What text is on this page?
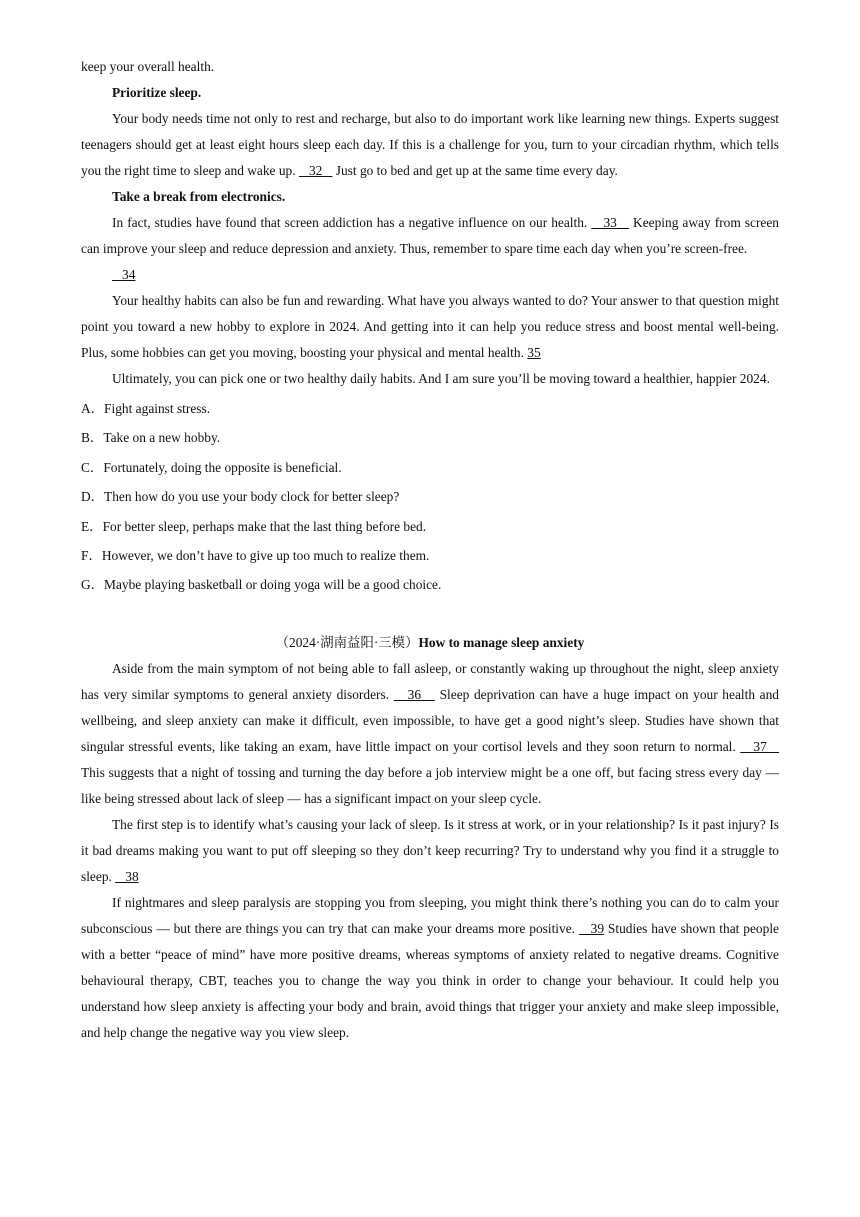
keep your overall health.

Prioritize sleep.

Your body needs time not only to rest and recharge, but also to do important work like learning new things. Experts suggest teenagers should get at least eight hours sleep each day. If this is a challenge for you, turn to your circadian rhythm, which tells you the right time to sleep and wake up.    32    Just go to bed and get up at the same time every day.

Take a break from electronics.

In fact, studies have found that screen addiction has a negative influence on our health.    33    Keeping away from screen can improve your sleep and reduce depression and anxiety. Thus, remember to spare time each day when you’re screen-free.

34

Your healthy habits can also be fun and rewarding. What have you always wanted to do? Your answer to that question might point you toward a new hobby to explore in 2024. And getting into it can help you reduce stress and boost mental well-being. Plus, some hobbies can get you moving, boosting your physical and mental health. 35

Ultimately, you can pick one or two healthy daily habits. And I am sure you’ll be moving toward a healthier, happier 2024.

A．Fight against stress.

B．Take on a new hobby.

C．Fortunately, doing the opposite is beneficial.

D．Then how do you use your body clock for better sleep?

E．For better sleep, perhaps make that the last thing before bed.

F．However, we don’t have to give up too much to realize them.

G．Maybe playing basketball or doing yoga will be a good choice.

（2024·湖南益阳·三模）How to manage sleep anxiety

Aside from the main symptom of not being able to fall asleep, or constantly waking up throughout the night, sleep anxiety has very similar symptoms to general anxiety disorders.    36    Sleep deprivation can have a huge impact on your health and wellbeing, and sleep anxiety can make it difficult, even impossible, to have get a good night’s sleep. Studies have shown that singular stressful events, like taking an exam, have little impact on your cortisol levels and they soon return to normal.    37    This suggests that a night of tossing and turning the day before a job interview might be a one off, but facing stress every day — like being stressed about lack of sleep — has a significant impact on your sleep cycle.

The first step is to identify what’s causing your lack of sleep. Is it stress at work, or in your relationship? Is it past injury? Is it bad dreams making you want to put off sleeping so they don’t keep recurring? Try to understand why you find it a struggle to sleep.    38

If nightmares and sleep paralysis are stopping you from sleeping, you might think there’s nothing you can do to calm your subconscious — but there are things you can try that can make your dreams more positive.    39 Studies have shown that people with a better “peace of mind” have more positive dreams, whereas symptoms of anxiety related to negative dreams. Cognitive behavioural therapy, CBT, teaches you to change the way you think in order to change your behaviour. It could help you understand how sleep anxiety is affecting your body and brain, avoid things that trigger your anxiety and make sleep impossible, and help change the negative way you view sleep.
